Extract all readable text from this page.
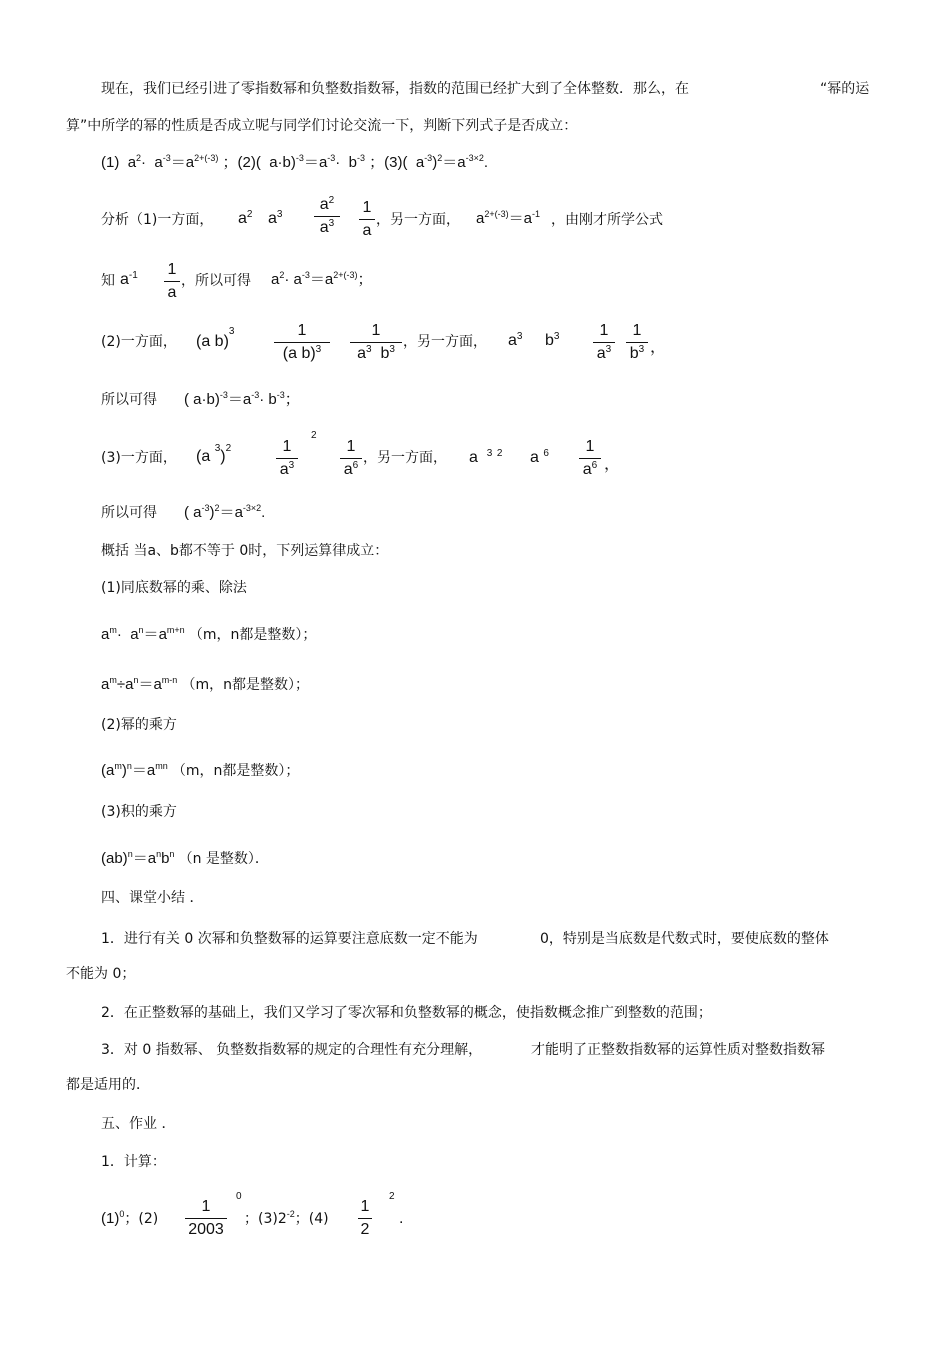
现在，我们已经引进了零指数幂和负整数指数幂，指数的范围已经扩大到了全体整数．那么，在	“幂的运
算”中所学的幂的性质是否成立呢与同学们讨论交流一下，判断下列式子是否成立：
(1) $a^2\cdot a^{-3}=a^{2+(-3)}$ ；(2)( $a\cdot b)^{-3}=a^{-3}\cdot b^{-3}$ ；(3)( $a^{-3})^2=a^{-3\times 2}$.
分析（1)一方面， $a^2$ $a^3$
$a^2$
$a^3$
1
a
，另一方面， $a^{2+(-3)}=a^{-1}$ ，由刚才所学公式
知 $a^{-1}$ 1
a
，所以可得 $a^2\cdot a^{-3}=a^{2+(-3)}$；
(2)一方面， (a b)$^3$	1
(a b)$^3$
1
$a^3$ $b^3$ ，另一方面， $a^3$ $b^3$	1
$a^3$
1
$b^3$ ，
所以可得 ( $a\cdot b)^{-3}=a^{-3}\cdot b^{-3}$；
(3)一方面， (a $^3$)$^2$	1
$a^3$
2
1
$a^6$ ，另一方面， a $^3$ $^2$ a $^6$	1
$a^6$ ，
所以可得 ( $a^{-3})^2=a^{-3\times 2}$.
概括 当a、b都不等于 0时，下列运算律成立：
(1)同底数幂的乘、除法
$a^m\cdot a^n=a^{m+n}$ （m，n都是整数）；
$a^m\div a^n=a^{m-n}$ （m，n都是整数）；
(2)幂的乘方
$(a^m)^n=a^{mn}$ （m，n都是整数）；
(3)积的乘方
$(ab)^n=a^nb^n$ （n 是整数）．
四、课堂小结 ．
1．进行有关 0 次幂和负整数幂的运算要注意底数一定不能为	0，特别是当底数是代数式时，要使底数的整体
不能为 0；
2．在正整数幂的基础上，我们又学习了零次幂和负整数幂的概念，使指数概念推广到整数的范围；
3．对 0 指数幂、 负整数指数幂的规定的合理性有充分理解，	才能明了正整数指数幂的运算性质对整数指数幂
都是适用的．
五、作业 ．
1．计算：
$(1)^0$；(2)
1
2003
0
；$(3)2^{-2}$；(4)
1
2
2
.
